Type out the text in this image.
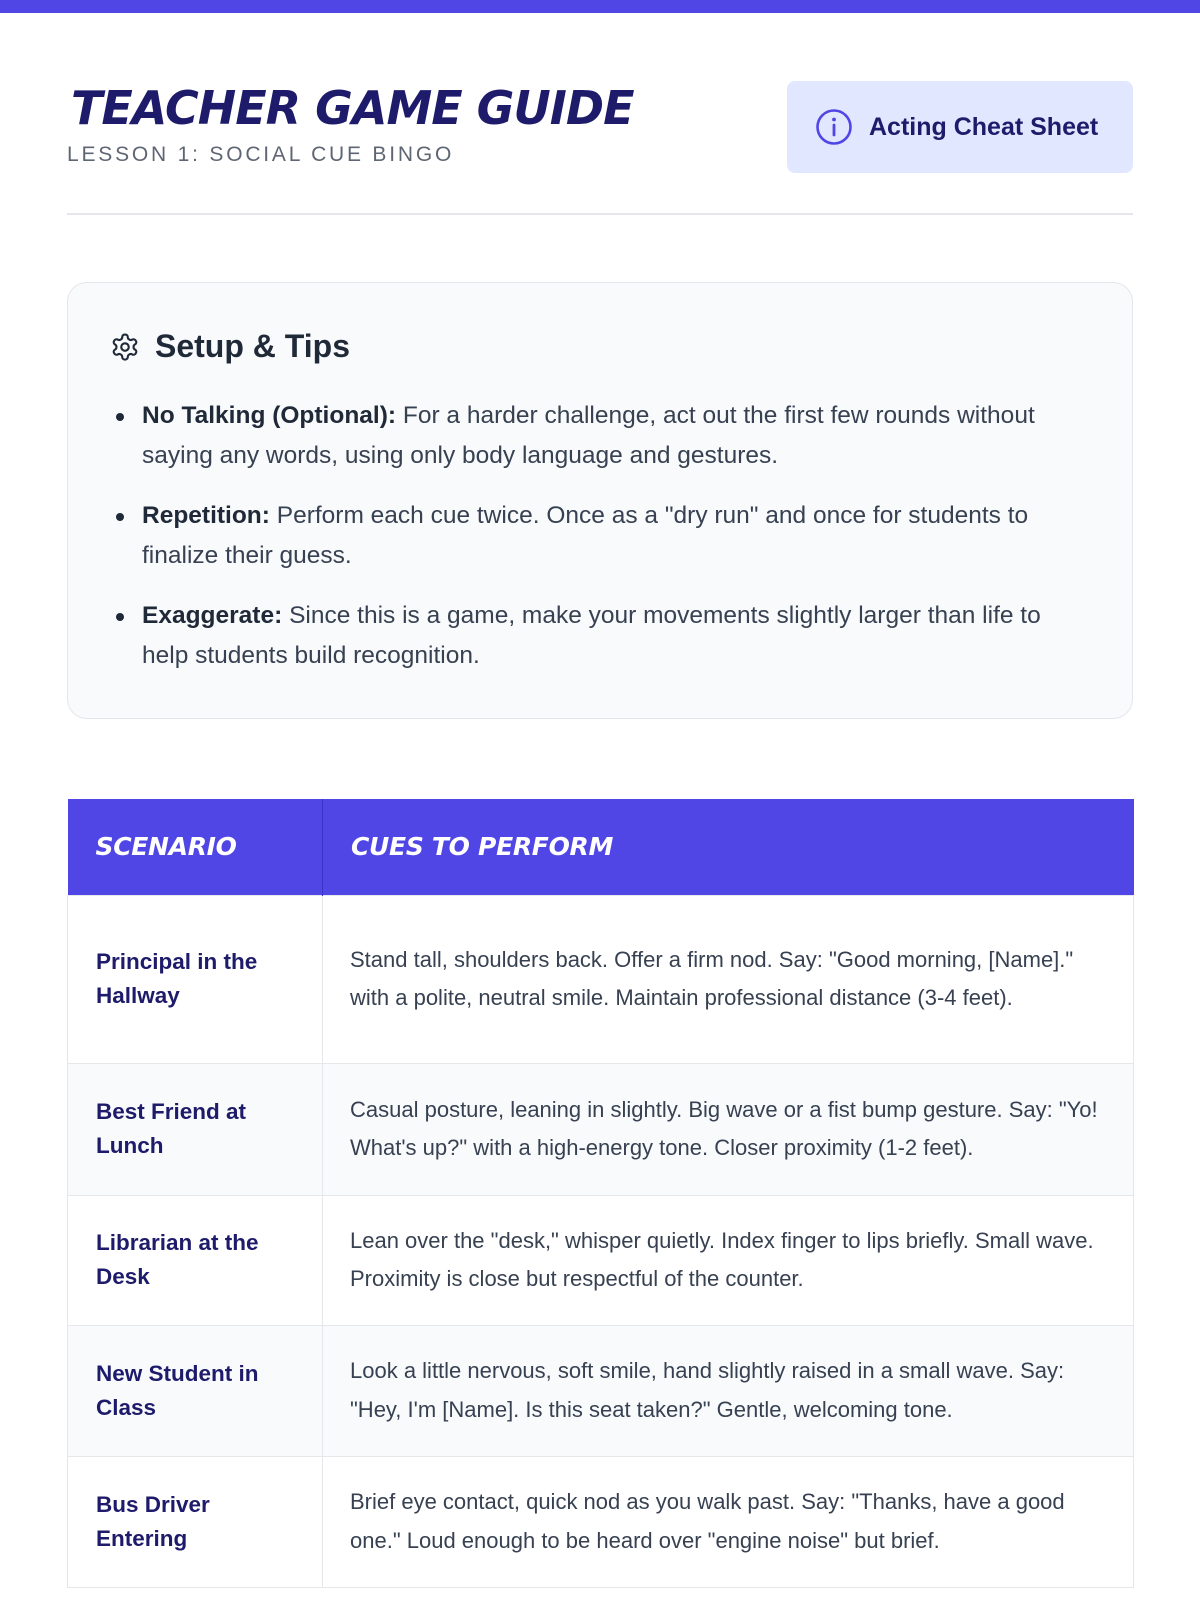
TEACHER GAME GUIDE
LESSON 1: SOCIAL CUE BINGO
Acting Cheat Sheet
Setup & Tips
No Talking (Optional): For a harder challenge, act out the first few rounds without saying any words, using only body language and gestures.
Repetition: Perform each cue twice. Once as a "dry run" and once for students to finalize their guess.
Exaggerate: Since this is a game, make your movements slightly larger than life to help students build recognition.
SCENARIO	CUES TO PERFORM
Principal in the Hallway	Stand tall, shoulders back. Offer a firm nod. Say: "Good morning, [Name]." with a polite, neutral smile. Maintain professional distance (3-4 feet).
Best Friend at Lunch	Casual posture, leaning in slightly. Big wave or a fist bump gesture. Say: "Yo! What's up?" with a high-energy tone. Closer proximity (1-2 feet).
Librarian at the Desk	Lean over the "desk," whisper quietly. Index finger to lips briefly. Small wave. Proximity is close but respectful of the counter.
New Student in Class	Look a little nervous, soft smile, hand slightly raised in a small wave. Say: "Hey, I'm [Name]. Is this seat taken?" Gentle, welcoming tone.
Bus Driver Entering	Brief eye contact, quick nod as you walk past. Say: "Thanks, have a good one." Loud enough to be heard over "engine noise" but brief.
